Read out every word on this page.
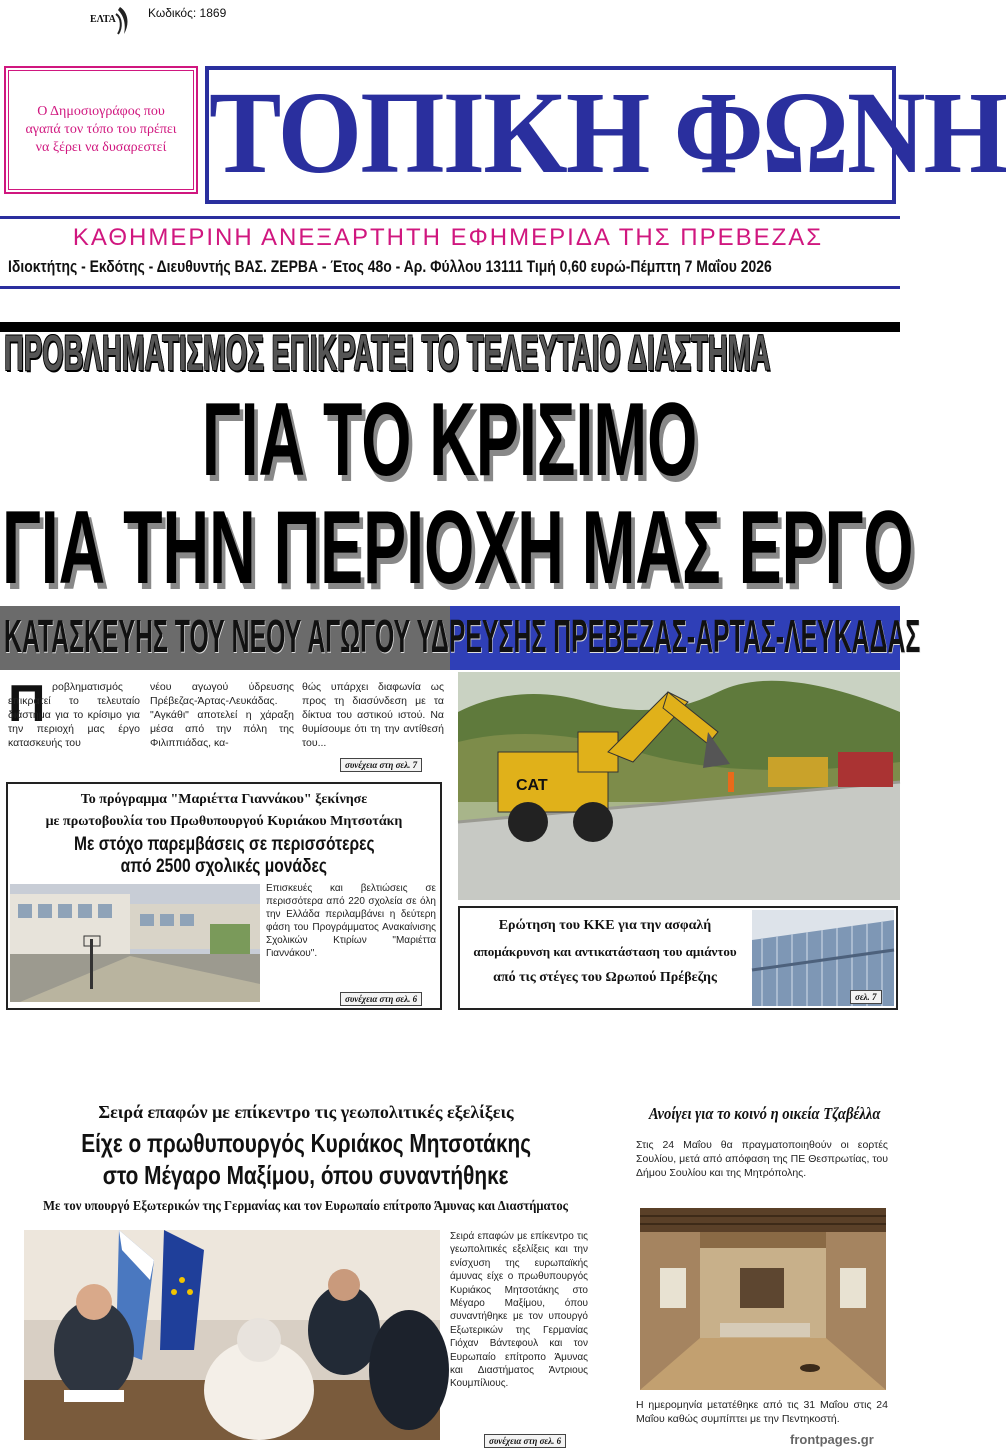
ΕΛΤΑ	Κωδικός: 1869
Ο Δημοσιογράφος που αγαπά τον τόπο του πρέπει να ξέρει να δυσαρεστεί ΤΟΠΙΚΗ ΦΩΝΗ
ΚΑΘΗΜΕΡΙΝΗ ΑΝΕΞΑΡΤΗΤΗ ΕΦΗΜΕΡΙΔΑ ΤΗΣ ΠΡΕΒΕΖΑΣ
Ιδιοκτήτης - Εκδότης - Διευθυντής ΒΑΣ. ΖΕΡΒΑ - Έτος 48ο - Αρ. Φύλλου 13111 Τιμή 0,60 ευρώ-Πέμπτη 7 Μαΐου 2026
ΠΡΟΒΛΗΜΑΤΙΣΜΟΣ ΕΠΙΚΡΑΤΕΙ ΤΟ ΤΕΛΕΥΤΑΙΟ ΔΙΑΣΤΗΜΑ
ΓΙΑ ΤΟ ΚΡΙΣΙΜΟ
ΓΙΑ ΤΗΝ ΠΕΡΙΟΧΗ ΜΑΣ ΕΡΓΟ
ΚΑΤΑΣΚΕΥΗΣ ΤΟΥ ΝΕΟΥ ΑΓΩΓΟΥ ΥΔΡΕΥΣΗΣ ΠΡΕΒΕΖΑΣ-ΑΡΤΑΣ-ΛΕΥΚΑΔΑΣ
Π ροβληματισμός επικρατεί το τελευταίο διάστημα για το κρίσιμο για την περιοχή μας έργο κατασκευής του
νέου αγωγού ύδρευσης Πρέβεζας-Άρτας-Λευκάδας. "Αγκάθι" αποτελεί η χάραξη μέσα από την πόλη της Φιλιππιάδας, κα-
θώς υπάρχει διαφωνία ως προς τη διασύνδεση με τα δίκτυα του αστικού ιστού. Να θυμίσουμε ότι τη την αντίθεσή του...
συνέχεια στη σελ. 7
CAT
Το πρόγραμμα "Μαριέττα Γιαννάκου" ξεκίνησε
με πρωτοβουλία του Πρωθυπουργού Κυριάκου Μητσοτάκη
Με στόχο παρεμβάσεις σε περισσότερες
από 2500 σχολικές μονάδες
Επισκευές και βελτιώσεις σε περισσότερα από 220 σχολεία σε όλη την Ελλάδα περιλαμβάνει η δεύτερη φάση του Προγράμματος Ανακαίνισης Σχολικών Κτιρίων "Μαριέττα Γιαννάκου".
συνέχεια στη σελ. 6
Ερώτηση του ΚΚΕ για την ασφαλή
απομάκρυνση και αντικατάσταση του αμιάντου
από τις στέγες του Ωρωπού Πρέβεζης
σελ. 7
Σειρά επαφών με επίκεντρο τις γεωπολιτικές εξελίξεις
Είχε ο πρωθυπουργός Κυριάκος Μητσοτάκης
στο Μέγαρο Μαξίμου, όπου συναντήθηκε
Με τον υπουργό Εξωτερικών της Γερμανίας και τον Ευρωπαίο επίτροπο Άμυνας και Διαστήματος
Σειρά επαφών με επίκεντρο τις γεωπολιτικές εξελίξεις και την ενίσχυση της ευρωπαϊκής άμυνας είχε ο πρωθυπουργός Κυριάκος Μητσοτάκης στο Μέγαρο Μαξίμου, όπου συναντήθηκε με τον υπουργό Εξωτερικών της Γερμανίας Γιόχαν Βάντεφουλ και τον Ευρωπαίο επίτροπο Άμυνας και Διαστήματος Άντριους Κουμπίλιους.
συνέχεια στη σελ. 6
Ανοίγει για το κοινό η οικεία Τζαβέλλα
Στις 24 Μαΐου θα πραγματοποιηθούν οι εορτές Σουλίου, μετά από απόφαση της ΠΕ Θεσπρωτίας, του Δήμου Σουλίου και της Μητρόπολης.
Η ημερομηνία μετατέθηκε από τις 31 Μαΐου στις 24 Μαΐου καθώς συμπίπτει με την Πεντηκοστή.
frontpages.gr
